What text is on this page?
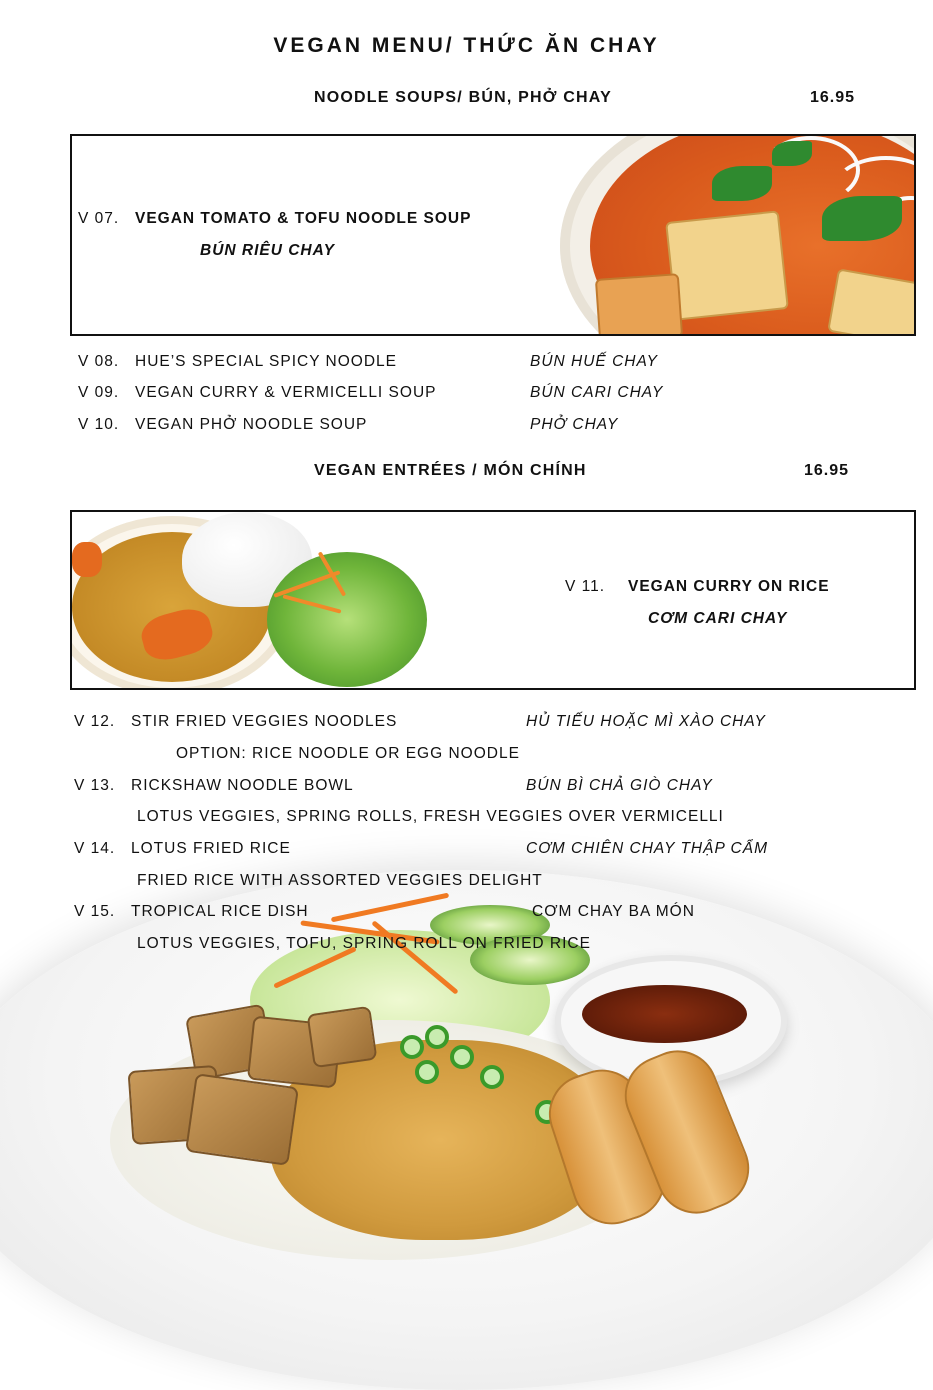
VEGAN MENU/ THỨC ĂN CHAY
NOODLE SOUPS/ BÚN, PHỞ CHAY	16.95
V 07. VEGAN TOMATO & TOFU NOODLE SOUP
BÚN RIÊU CHAY
V 08. HUE’S SPECIAL SPICY NOODLE	BÚN HUẾ CHAY
V 09. VEGAN CURRY & VERMICELLI SOUP	BÚN CARI CHAY
V 10. VEGAN PHỞ NOODLE SOUP	PHỞ CHAY
VEGAN ENTRÉES / MÓN CHÍNH	16.95
V 11. VEGAN CURRY ON RICE
CƠM CARI CHAY
V 12. STIR FRIED VEGGIES NOODLES	HỦ TIẾU HOẶC MÌ XÀO CHAY
OPTION: RICE NOODLE OR EGG NOODLE
V 13. RICKSHAW NOODLE BOWL	BÚN BÌ CHẢ GIÒ CHAY
LOTUS VEGGIES, SPRING ROLLS, FRESH VEGGIES OVER VERMICELLI
V 14. LOTUS FRIED RICE	CƠM CHIÊN CHAY THẬP CẨM
FRIED RICE WITH ASSORTED VEGGIES DELIGHT
V 15. TROPICAL RICE DISH	CƠM CHAY BA MÓN
LOTUS VEGGIES, TOFU, SPRING ROLL ON FRIED RICE
